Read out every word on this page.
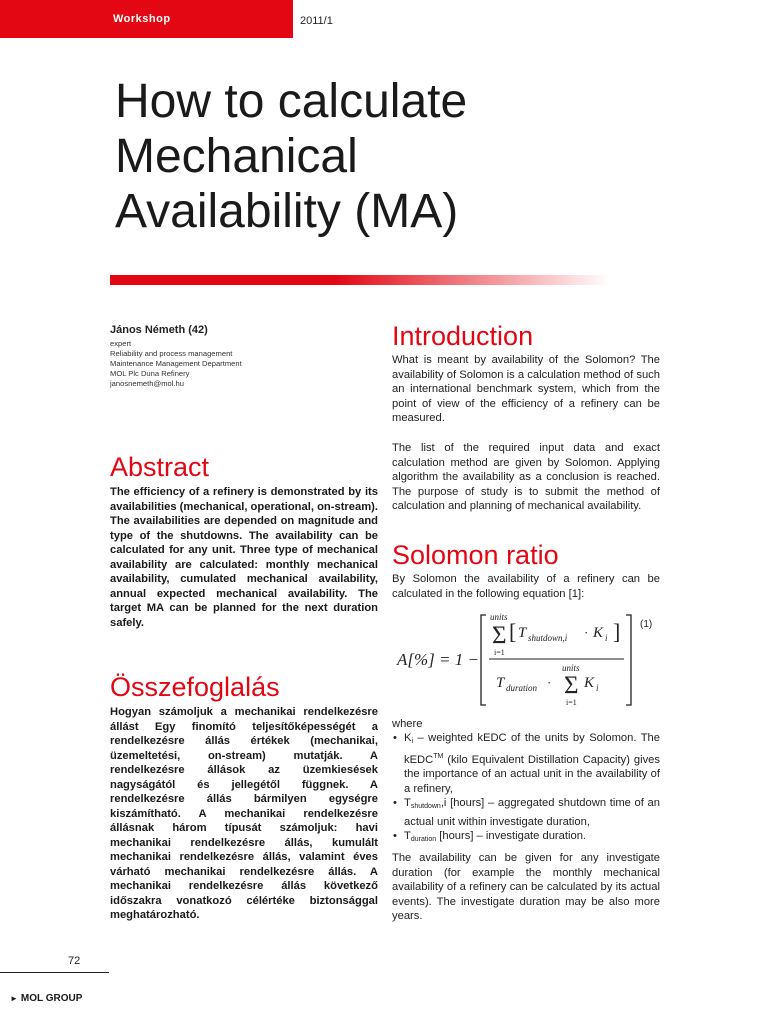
Workshop	2011/1
How to calculate
Mechanical
Availability (MA)
János Németh (42)
expert
Reliability and process management
Maintenance Management Department
MOL Plc Duna Refinery
janosnemeth@mol.hu
Abstract
The efficiency of a refinery is demonstrated by its availabilities (mechanical, operational, on-stream). The availabilities are depended on magnitude and type of the shutdowns. The availability can be calculated for any unit. Three type of mechanical availability are calculated: monthly mechanical availability, cumulated mechanical availability, annual expected mechanical availability. The target MA can be planned for the next duration safely.
Összefoglalás
Hogyan számoljuk a mechanikai rendelkezésre állást Egy finomító teljesítőképességét a rendelkezésre állás értékek (mechanikai, üzemeltetési, on-stream) mutatják. A rendelkezésre állások az üzemkiesések nagyságától és jellegétől függnek. A rendelkezésre állás bármilyen egységre kiszámítható. A mechanikai rendelkezésre állásnak három típusát számoljuk: havi mechanikai rendelkezésre állás, kumulált mechanikai rendelkezésre állás, valamint éves várható mechanikai rendelkezésre állás. A mechanikai rendelkezésre állás következő időszakra vonatkozó célértéke biztonsággal meghatározható.
Introduction
What is meant by availability of the Solomon? The availability of Solomon is a calculation method of such an international benchmark system, which from the point of view of the efficiency of a refinery can be measured.
The list of the required input data and exact calculation method are given by Solomon. Applying algorithm the availability as a conclusion is reached. The purpose of study is to submit the method of calculation and planning of mechanical availability.
Solomon ratio
By Solomon the availability of a refinery can be calculated in the following equation [1]:
A[%] = 1 −
units
Σ
i=1
[ T shutdown,i · K i ]
T duration ·
units
Σ
i=1
K i
(1)
where
• $K_i$ – weighted kEDC of the units by Solomon. The kEDC™ (kilo Equivalent Distillation Capacity) gives the importance of an actual unit in the availability of a refinery,
• $T_{shutdown},i$ [hours] – aggregated shutdown time of an actual unit within investigate duration,
• $T_{duration}$ [hours] – investigate duration.
The availability can be given for any investigate duration (for example the monthly mechanical availability of a refinery can be calculated by its actual events). The investigate duration may be also more years.
72
► MOL GROUP
